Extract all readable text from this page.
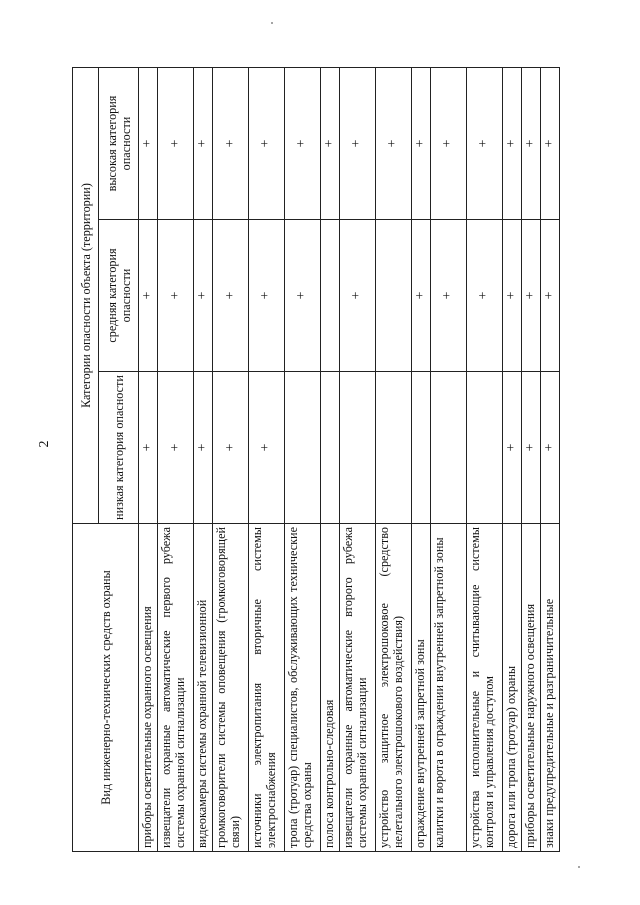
2
Вид инженерно-технических средств охраны	Категории опасности объекта (территории)		
	низкая категория опасности	средняя категория опасности	высокая категория опасности
приборы осветительные охранного освещения	+	+	+
извещатели охранные автоматические первого рубежа системы охранной сигнализации	+	+	+
видеокамеры системы охранной телевизионной	+	+	+
громкоговорители системы оповещения (громкоговорящей связи)	+	+	+
источники электропитания вторичные системы электроснабжения	+	+	+
тропа (тротуар) специалистов, обслуживающих технические средства охраны		+	+
полоса контрольно-следовая			+
извещатели охранные автоматические второго рубежа системы охранной сигнализации		+	+
устройство защитное электрошоковое (средство нелетального электрошокового воздействия)			+
ограждение внутренней запретной зоны		+	+
калитки и ворота в ограждении внутренней запретной зоны		+	+
устройства исполнительные и считывающие системы контроля и управления доступом		+	+
дорога или тропа (тротуар) охраны	+	+	+
приборы осветительные наружного освещения	+	+	+
знаки предупредительные и разграничительные	+	+	+
